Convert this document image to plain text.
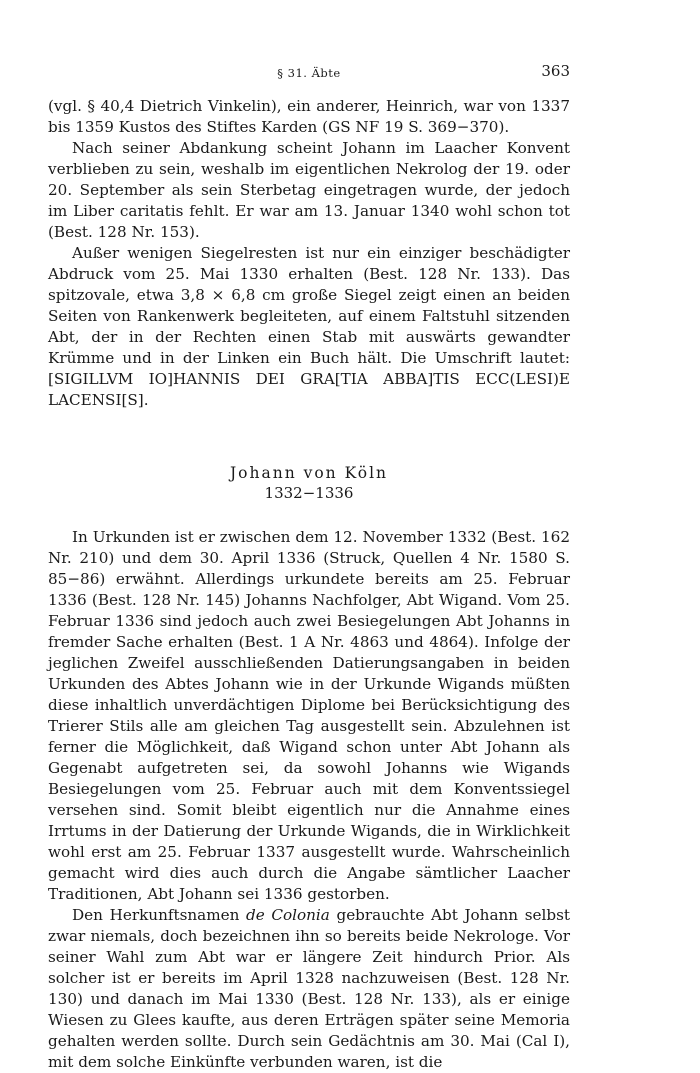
§ 31. Äbte	363

(vgl. § 40,4 Dietrich Vinkelin), ein anderer, Heinrich, war von 1337 bis 1359 Kustos des Stiftes Karden (GS NF 19 S. 369−370).

Nach seiner Abdankung scheint Johann im Laacher Konvent verblieben zu sein, weshalb im eigentlichen Nekrolog der 19. oder 20. September als sein Sterbetag eingetragen wurde, der jedoch im Liber caritatis fehlt. Er war am 13. Januar 1340 wohl schon tot (Best. 128 Nr. 153).

Außer wenigen Siegelresten ist nur ein einziger beschädigter Abdruck vom 25. Mai 1330 erhalten (Best. 128 Nr. 133). Das spitzovale, etwa 3,8 × 6,8 cm große Siegel zeigt einen an beiden Seiten von Rankenwerk begleiteten, auf einem Faltstuhl sitzenden Abt, der in der Rechten einen Stab mit auswärts gewandter Krümme und in der Linken ein Buch hält. Die Umschrift lautet: [SIGILLVM IO]HANNIS DEI GRA[TIA ABBA]TIS ECC(LESI)E LACENSI[S].

Johann von Köln

1332−1336

In Urkunden ist er zwischen dem 12. November 1332 (Best. 162 Nr. 210) und dem 30. April 1336 (Struck, Quellen 4 Nr. 1580 S. 85−86) erwähnt. Allerdings urkundete bereits am 25. Februar 1336 (Best. 128 Nr. 145) Johanns Nachfolger, Abt Wigand. Vom 25. Februar 1336 sind jedoch auch zwei Besiegelungen Abt Johanns in fremder Sache erhalten (Best. 1 A Nr. 4863 und 4864). Infolge der jeglichen Zweifel ausschließenden Datierungsangaben in beiden Urkunden des Abtes Johann wie in der Urkunde Wigands müßten diese inhaltlich unverdächtigen Diplome bei Berücksichtigung des Trierer Stils alle am gleichen Tag ausgestellt sein. Abzulehnen ist ferner die Möglichkeit, daß Wigand schon unter Abt Johann als Gegenabt aufgetreten sei, da sowohl Johanns wie Wigands Besiegelungen vom 25. Februar auch mit dem Konventssiegel versehen sind. Somit bleibt eigentlich nur die Annahme eines Irrtums in der Datierung der Urkunde Wigands, die in Wirklichkeit wohl erst am 25. Februar 1337 ausgestellt wurde. Wahrscheinlich gemacht wird dies auch durch die Angabe sämtlicher Laacher Traditionen, Abt Johann sei 1336 gestorben.

Den Herkunftsnamen de Colonia gebrauchte Abt Johann selbst zwar niemals, doch bezeichnen ihn so bereits beide Nekrologe. Vor seiner Wahl zum Abt war er längere Zeit hindurch Prior. Als solcher ist er bereits im April 1328 nachzuweisen (Best. 128 Nr. 130) und danach im Mai 1330 (Best. 128 Nr. 133), als er einige Wiesen zu Glees kaufte, aus deren Erträgen später seine Memoria gehalten werden sollte. Durch sein Gedächtnis am 30. Mai (Cal I), mit dem solche Einkünfte verbunden waren, ist die
